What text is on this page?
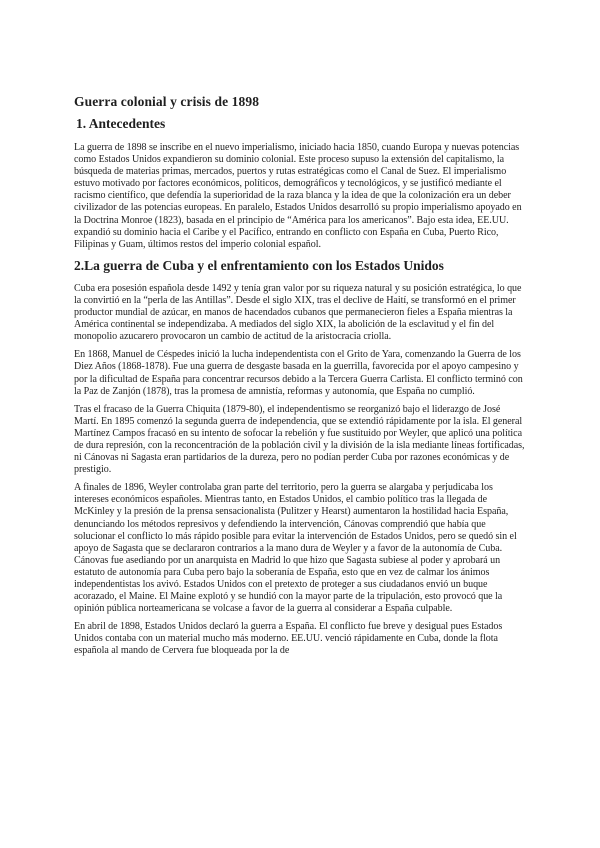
Guerra colonial y crisis de 1898
1. Antecedentes

La guerra de 1898 se inscribe en el nuevo imperialismo, iniciado hacia 1850, cuando Europa y nuevas potencias como Estados Unidos expandieron su dominio colonial. Este proceso supuso la extensión del capitalismo, la búsqueda de materias primas, mercados, puertos y rutas estratégicas como el Canal de Suez. El imperialismo estuvo motivado por factores económicos, políticos, demográficos y tecnológicos, y se justificó mediante el racismo científico, que defendía la superioridad de la raza blanca y la idea de que la colonización era un deber civilizador de las potencias europeas. En paralelo, Estados Unidos desarrolló su propio imperialismo apoyado en la Doctrina Monroe (1823), basada en el principio de “América para los americanos”. Bajo esta idea, EE.UU. expandió su dominio hacia el Caribe y el Pacífico, entrando en conflicto con España en Cuba, Puerto Rico, Filipinas y Guam, últimos restos del imperio colonial español.

2.La guerra de Cuba y el enfrentamiento con los Estados Unidos

Cuba era posesión española desde 1492 y tenía gran valor por su riqueza natural y su posición estratégica, lo que la convirtió en la “perla de las Antillas”. Desde el siglo XIX, tras el declive de Haití, se transformó en el primer productor mundial de azúcar, en manos de hacendados cubanos que permanecieron fieles a España mientras la América continental se independizaba. A mediados del siglo XIX, la abolición de la esclavitud y el fin del monopolio azucarero provocaron un cambio de actitud de la aristocracia criolla.

En 1868, Manuel de Céspedes inició la lucha independentista con el Grito de Yara, comenzando la Guerra de los Diez Años (1868-1878). Fue una guerra de desgaste basada en la guerrilla, favorecida por el apoyo campesino y por la dificultad de España para concentrar recursos debido a la Tercera Guerra Carlista. El conflicto terminó con la Paz de Zanjón (1878), tras la promesa de amnistía, reformas y autonomía, que España no cumplió.

Tras el fracaso de la Guerra Chiquita (1879-80), el independentismo se reorganizó bajo el liderazgo de José Martí. En 1895 comenzó la segunda guerra de independencia, que se extendió rápidamente por la isla. El general Martínez Campos fracasó en su intento de sofocar la rebelión y fue sustituido por Weyler, que aplicó una política de dura represión, con la reconcentración de la población civil y la división de la isla mediante líneas fortificadas, ni Cánovas ni Sagasta eran partidarios de la dureza, pero no podían perder Cuba por razones económicas y de prestigio.

A finales de 1896, Weyler controlaba gran parte del territorio, pero la guerra se alargaba y perjudicaba los intereses económicos españoles. Mientras tanto, en Estados Unidos, el cambio político tras la llegada de McKinley y la presión de la prensa sensacionalista (Pulitzer y Hearst) aumentaron la hostilidad hacia España, denunciando los métodos represivos y defendiendo la intervención, Cánovas comprendió que había que solucionar el conflicto lo más rápido posible para evitar la intervención de Estados Unidos, pero se quedó sin el apoyo de Sagasta que se declararon contrarios a la mano dura de Weyler y a favor de la autonomía de Cuba. Cánovas fue asediando por un anarquista en Madrid lo que hizo que Sagasta subiese al poder y aprobará un estatuto de autonomía para Cuba pero bajo la soberanía de España, esto que en vez de calmar los ánimos independentistas los avivó. Estados Unidos con el pretexto de proteger a sus ciudadanos envió un buque acorazado, el Maine. El Maine explotó y se hundió con la mayor parte de la tripulación, esto provocó que la opinión pública norteamericana se volcase a favor de la guerra al considerar a España culpable.

En abril de 1898, Estados Unidos declaró la guerra a España. El conflicto fue breve y desigual pues Estados Unidos contaba con un material mucho más moderno. EE.UU. venció rápidamente en Cuba, donde la flota española al mando de Cervera fue bloqueada por la de
